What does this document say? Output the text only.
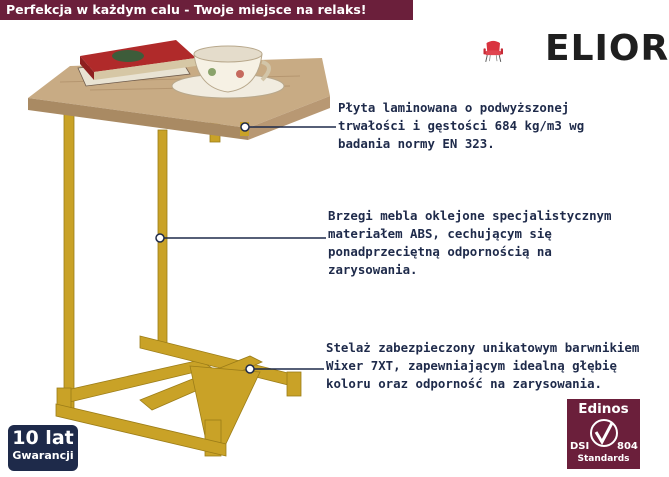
Perfekcja w każdym calu - Twoje miejsce na relaks!
ELIOR
Płyta laminowana o podwyższonej trwałości i gęstości 684 kg/m3 wg badania normy EN 323.
Brzegi mebla oklejone specjalistycznym materiałem ABS, cechującym się ponadprzeciętną odpornością na zarysowania.
Stelaż zabezpieczony unikatowym barwnikiem Wixer 7XT, zapewniającym idealną głębię koloru oraz odporność na zarysowania.
10 lat
Gwarancji
Edinos
DSI	804
Standards
